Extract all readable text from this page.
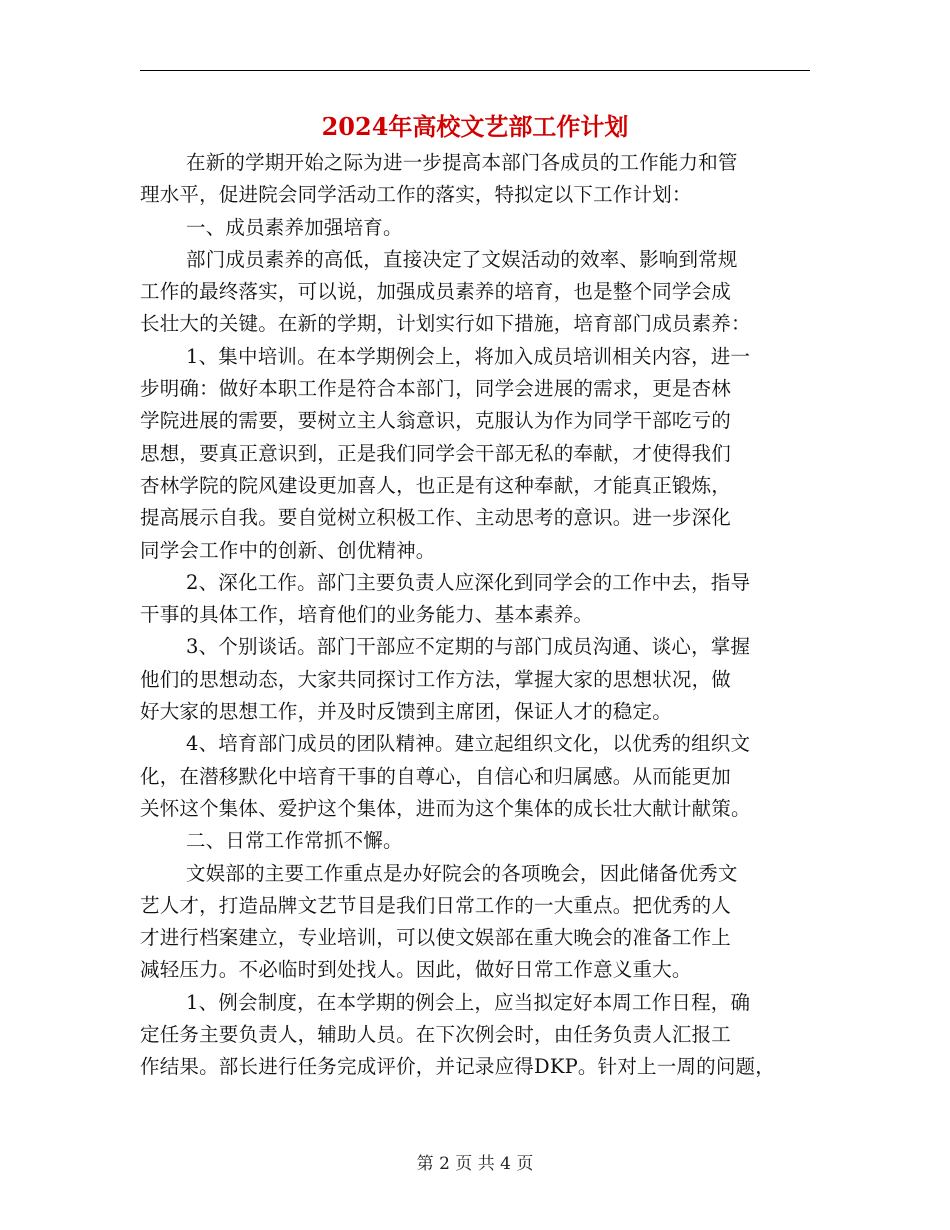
2024年高校文艺部工作计划
在新的学期开始之际为进一步提高本部门各成员的工作能力和管
理水平，促进院会同学活动工作的落实，特拟定以下工作计划：
一、成员素养加强培育。
部门成员素养的高低，直接决定了文娱活动的效率、影响到常规
工作的最终落实，可以说，加强成员素养的培育，也是整个同学会成
长壮大的关键。在新的学期，计划实行如下措施，培育部门成员素养：
1、集中培训。在本学期例会上，将加入成员培训相关内容，进一
步明确：做好本职工作是符合本部门，同学会进展的需求，更是杏林
学院进展的需要，要树立主人翁意识，克服认为作为同学干部吃亏的
思想，要真正意识到，正是我们同学会干部无私的奉献，才使得我们
杏林学院的院风建设更加喜人，也正是有这种奉献，才能真正锻炼，
提高展示自我。要自觉树立积极工作、主动思考的意识。进一步深化
同学会工作中的创新、创优精神。
2、深化工作。部门主要负责人应深化到同学会的工作中去，指导
干事的具体工作，培育他们的业务能力、基本素养。
3、个别谈话。部门干部应不定期的与部门成员沟通、谈心，掌握
他们的思想动态，大家共同探讨工作方法，掌握大家的思想状况，做
好大家的思想工作，并及时反馈到主席团，保证人才的稳定。
4、培育部门成员的团队精神。建立起组织文化，以优秀的组织文
化，在潜移默化中培育干事的自尊心，自信心和归属感。从而能更加
关怀这个集体、爱护这个集体，进而为这个集体的成长壮大献计献策。
二、日常工作常抓不懈。
文娱部的主要工作重点是办好院会的各项晚会，因此储备优秀文
艺人才，打造品牌文艺节目是我们日常工作的一大重点。把优秀的人
才进行档案建立，专业培训，可以使文娱部在重大晚会的准备工作上
减轻压力。不必临时到处找人。因此，做好日常工作意义重大。
1、例会制度，在本学期的例会上，应当拟定好本周工作日程，确
定任务主要负责人，辅助人员。在下次例会时，由任务负责人汇报工
作结果。部长进行任务完成评价，并记录应得DKP。针对上一周的问题，
第 2 页 共 4 页
